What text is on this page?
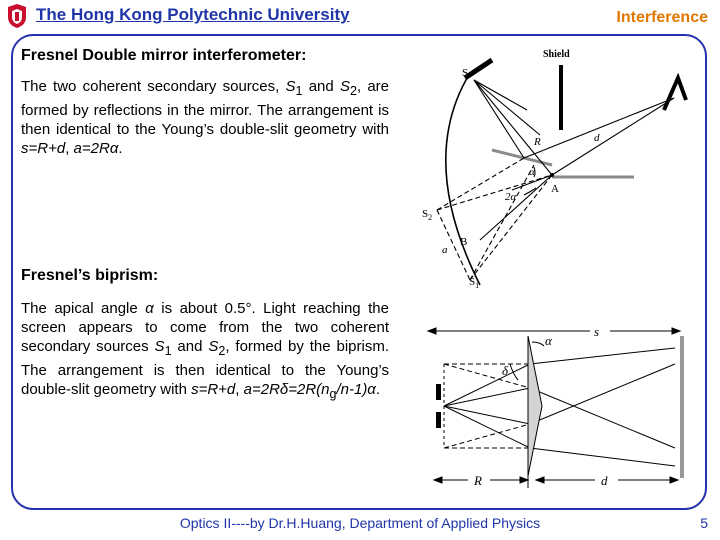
The Hong Kong Polytechnic University	Interference
Fresnel Double mirror interferometer:

The two coherent secondary sources, $S_1$ and $S_2$, are formed by reflections in the mirror. The arrangement is then identical to the Young’s double-slit geometry with s=R+d, a=2Rα.

Fresnel’s biprism:

The apical angle α is about 0.5°. Light reaching the screen appears to come from the two coherent secondary sources $S_1$ and $S_2$, formed by the biprism. The arrangement is then identical to the Young’s double-slit geometry with s=R+d, $a=2R\delta=2R(n_g/n-1)\alpha$.

Shield
S
R	d
α
2α
A
$S_2$
B
a
$S_1$
s
α
δ
R	d
Optics II----by Dr.H.Huang, Department of Applied Physics	5
